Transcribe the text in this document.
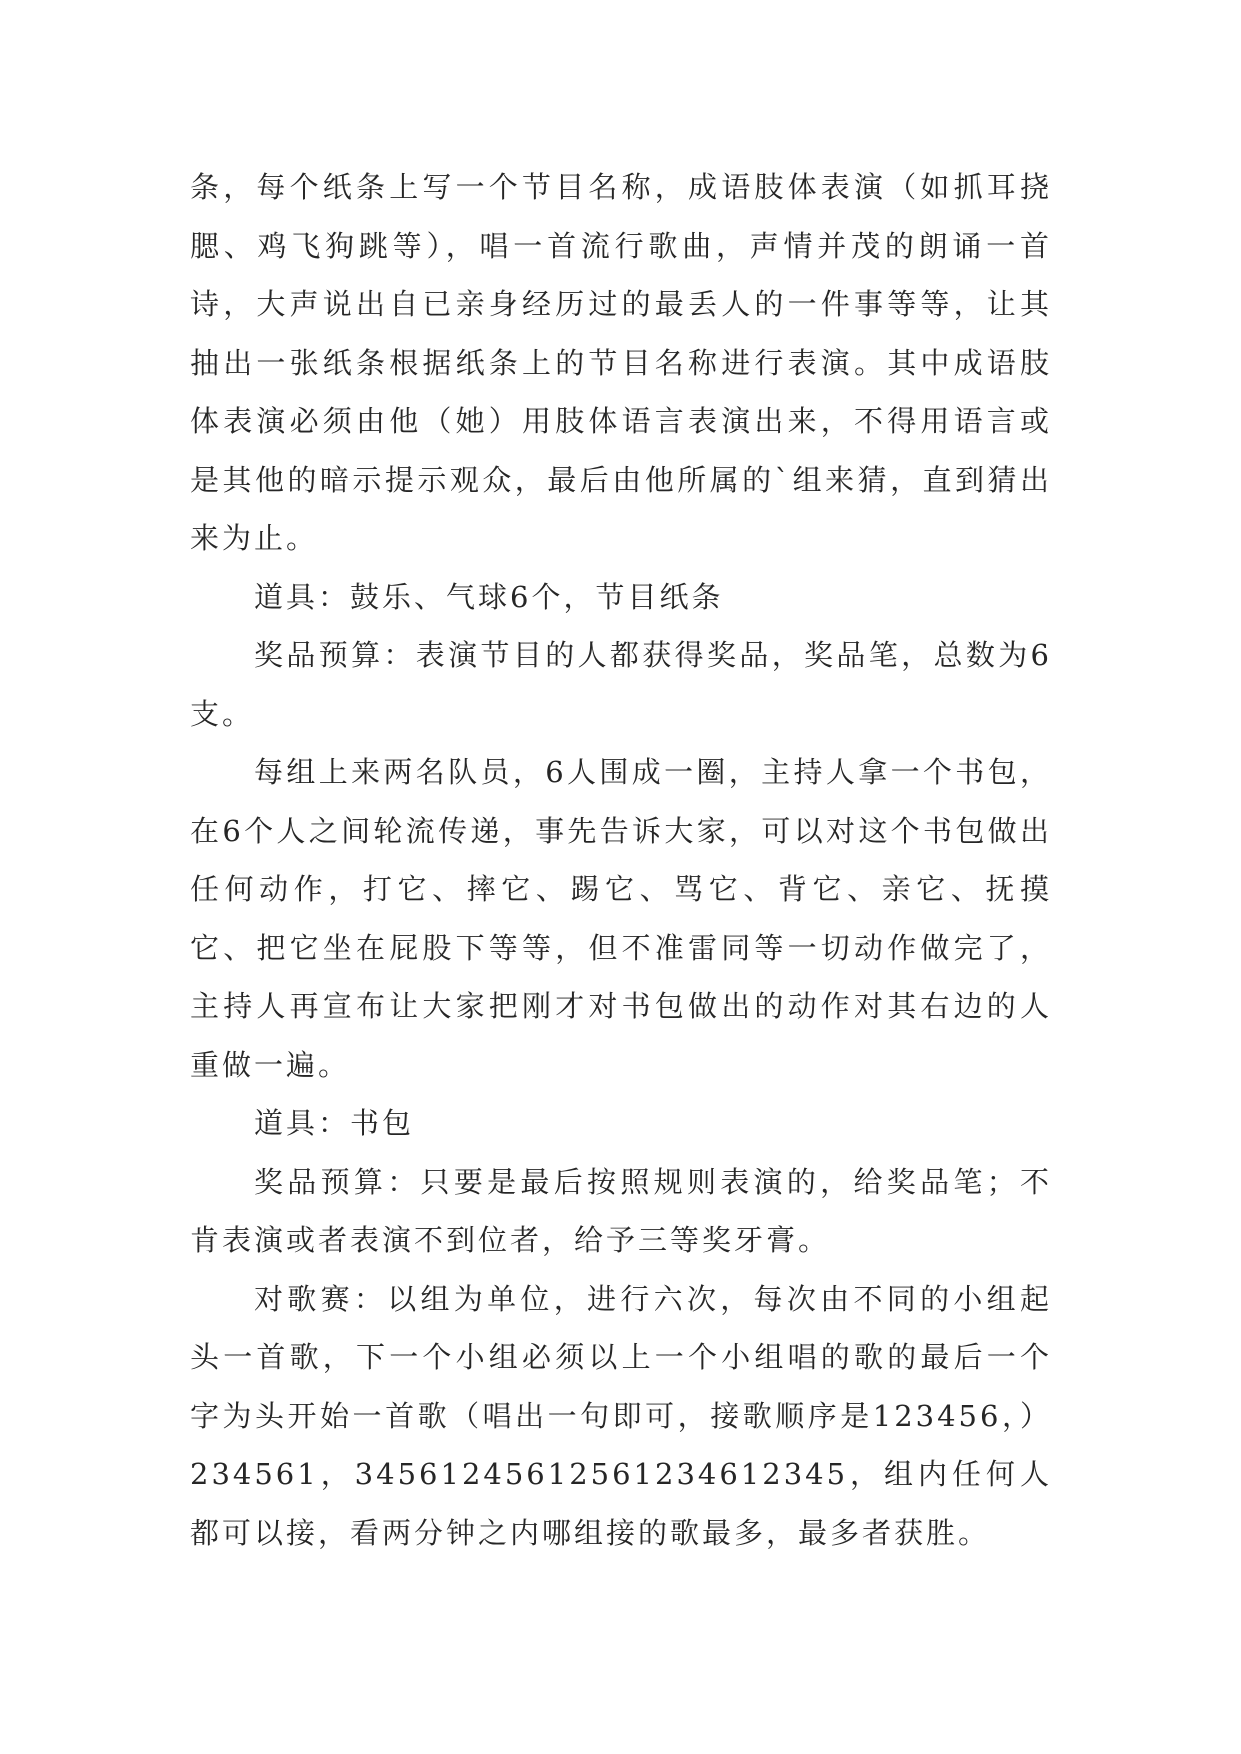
条，每个纸条上写一个节目名称，成语肢体表演（如抓耳挠腮、鸡飞狗跳等），唱一首流行歌曲，声情并茂的朗诵一首诗，大声说出自已亲身经历过的最丢人的一件事等等，让其抽出一张纸条根据纸条上的节目名称进行表演。其中成语肢体表演必须由他（她）用肢体语言表演出来，不得用语言或是其他的暗示提示观众，最后由他所属的`组来猜，直到猜出来为止。

道具：鼓乐、气球6个，节目纸条

奖品预算：表演节目的人都获得奖品，奖品笔，总数为6支。

每组上来两名队员，6人围成一圈，主持人拿一个书包，在6个人之间轮流传递，事先告诉大家，可以对这个书包做出任何动作，打它、摔它、踢它、骂它、背它、亲它、抚摸它、把它坐在屁股下等等，但不准雷同等一切动作做完了，主持人再宣布让大家把刚才对书包做出的动作对其右边的人重做一遍。

道具：书包

奖品预算：只要是最后按照规则表演的，给奖品笔；不肯表演或者表演不到位者，给予三等奖牙膏。

对歌赛：以组为单位，进行六次，每次由不同的小组起头一首歌，下一个小组必须以上一个小组唱的歌的最后一个字为头开始一首歌（唱出一句即可，接歌顺序是123456，）234561，34561245612561234612345，组内任何人都可以接，看两分钟之内哪组接的歌最多，最多者获胜。
